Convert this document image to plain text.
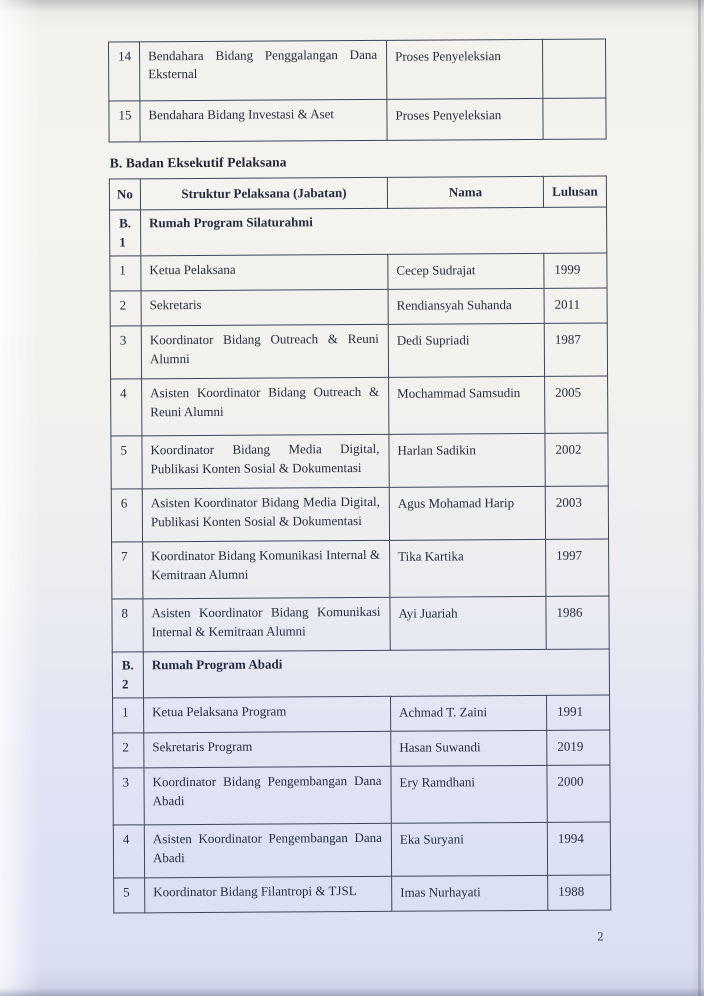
14	Bendahara Bidang Penggalangan Dana Eksternal	Proses Penyeleksian	
15	Bendahara Bidang Investasi & Aset	Proses Penyeleksian	
B. Badan Eksekutif Pelaksana
No	Struktur Pelaksana (Jabatan)	Nama	Lulusan
B.1	Rumah Program Silaturahmi		
1	Ketua Pelaksana	Cecep Sudrajat	1999
2	Sekretaris	Rendiansyah Suhanda	2011
3	Koordinator Bidang Outreach & Reuni Alumni	Dedi Supriadi	1987
4	Asisten Koordinator Bidang Outreach & Reuni Alumni	Mochammad Samsudin	2005
5	Koordinator Bidang Media Digital, Publikasi Konten Sosial & Dokumentasi	Harlan Sadikin	2002
6	Asisten Koordinator Bidang Media Digital, Publikasi Konten Sosial & Dokumentasi	Agus Mohamad Harip	2003
7	Koordinator Bidang Komunikasi Internal & Kemitraan Alumni	Tika Kartika	1997
8	Asisten Koordinator Bidang Komunikasi Internal & Kemitraan Alumni	Ayi Juariah	1986
B.2	Rumah Program Abadi		
1	Ketua Pelaksana Program	Achmad T. Zaini	1991
2	Sekretaris Program	Hasan Suwandi	2019
3	Koordinator Bidang Pengembangan Dana Abadi	Ery Ramdhani	2000
4	Asisten Koordinator Pengembangan Dana Abadi	Eka Suryani	1994
5	Koordinator Bidang Filantropi & TJSL	Imas Nurhayati	1988
2
